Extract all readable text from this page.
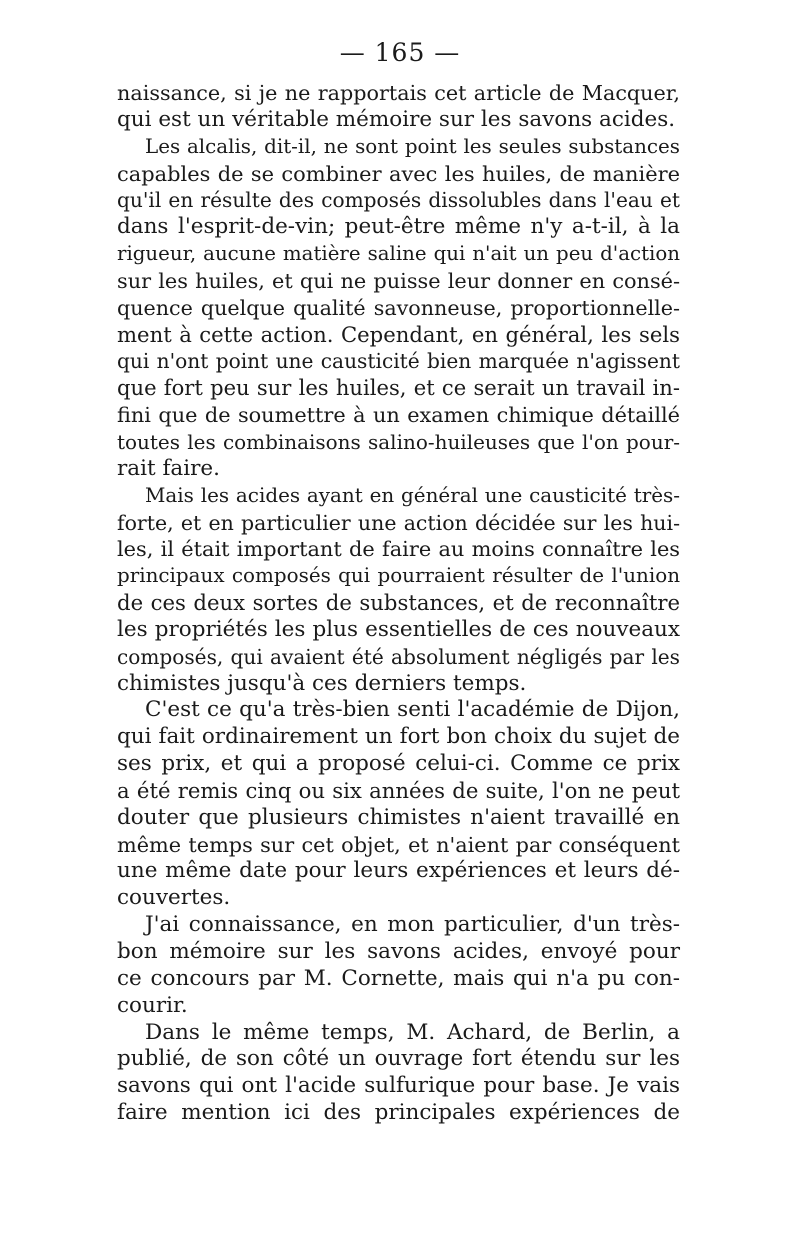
— 165 —
naissance, si je ne rapportais cet article de Macquer,
qui est un véritable mémoire sur les savons acides.
Les alcalis, dit-il, ne sont point les seules substances
capables de se combiner avec les huiles, de manière
qu'il en résulte des composés dissolubles dans l'eau et
dans l'esprit-de-vin; peut-être même n'y a-t-il, à la
rigueur, aucune matière saline qui n'ait un peu d'action
sur les huiles, et qui ne puisse leur donner en consé-
quence quelque qualité savonneuse, proportionnelle-
ment à cette action. Cependant, en général, les sels
qui n'ont point une causticité bien marquée n'agissent
que fort peu sur les huiles, et ce serait un travail in-
fini que de soumettre à un examen chimique détaillé
toutes les combinaisons salino-huileuses que l'on pour-
rait faire.
Mais les acides ayant en général une causticité très-
forte, et en particulier une action décidée sur les hui-
les, il était important de faire au moins connaître les
principaux composés qui pourraient résulter de l'union
de ces deux sortes de substances, et de reconnaître
les propriétés les plus essentielles de ces nouveaux
composés, qui avaient été absolument négligés par les
chimistes jusqu'à ces derniers temps.
C'est ce qu'a très-bien senti l'académie de Dijon,
qui fait ordinairement un fort bon choix du sujet de
ses prix, et qui a proposé celui-ci. Comme ce prix
a été remis cinq ou six années de suite, l'on ne peut
douter que plusieurs chimistes n'aient travaillé en
même temps sur cet objet, et n'aient par conséquent
une même date pour leurs expériences et leurs dé-
couvertes.
J'ai connaissance, en mon particulier, d'un très-
bon mémoire sur les savons acides, envoyé pour
ce concours par M. Cornette, mais qui n'a pu con-
courir.
Dans le même temps, M. Achard, de Berlin, a
publié, de son côté un ouvrage fort étendu sur les
savons qui ont l'acide sulfurique pour base. Je vais
faire mention ici des principales expériences de
